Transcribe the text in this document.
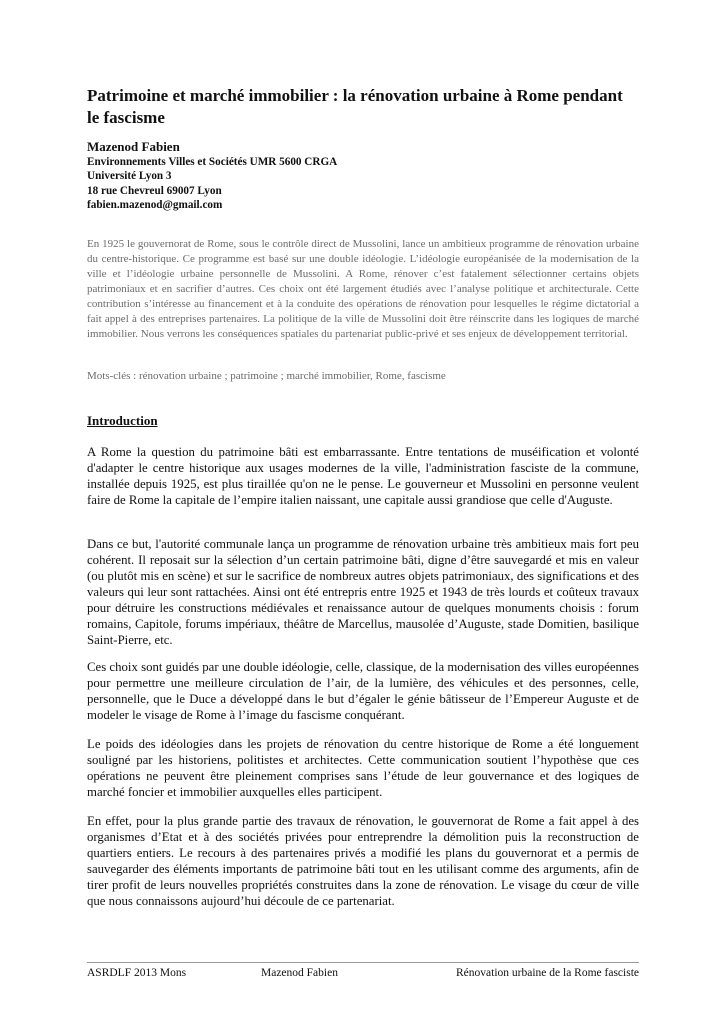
Patrimoine et marché immobilier : la rénovation urbaine à Rome pendant le fascisme

Mazenod Fabien

Environnements Villes et Sociétés UMR 5600 CRGA
Université Lyon 3
18 rue Chevreul 69007 Lyon
fabien.mazenod@gmail.com

En 1925 le gouvernorat de Rome, sous le contrôle direct de Mussolini, lance un ambitieux programme de rénovation urbaine du centre-historique. Ce programme est basé sur une double idéologie. L’idéologie européanisée de la modernisation de la ville et l’idéologie urbaine personnelle de Mussolini. A Rome, rénover c’est fatalement sélectionner certains objets patrimoniaux et en sacrifier d’autres. Ces choix ont été largement étudiés avec l’analyse politique et architecturale. Cette contribution s’intéresse au financement et à la conduite des opérations de rénovation pour lesquelles le régime dictatorial a fait appel à des entreprises partenaires. La politique de la ville de Mussolini doit être réinscrite dans les logiques de marché immobilier. Nous verrons les conséquences spatiales du partenariat public-privé et ses enjeux de développement territorial.

Mots-clés : rénovation urbaine ; patrimoine ; marché immobilier, Rome, fascisme

Introduction

A Rome la question du patrimoine bâti est embarrassante. Entre tentations de muséification et volonté d'adapter le centre historique aux usages modernes de la ville, l'administration fasciste de la commune, installée depuis 1925, est plus tiraillée qu'on ne le pense. Le gouverneur et Mussolini en personne veulent faire de Rome la capitale de l’empire italien naissant, une capitale aussi grandiose que celle d'Auguste.

Dans ce but, l'autorité communale lança un programme de rénovation urbaine très ambitieux mais fort peu cohérent. Il reposait sur la sélection d’un certain patrimoine bâti, digne d’être sauvegardé et mis en valeur (ou plutôt mis en scène) et sur le sacrifice de nombreux autres objets patrimoniaux, des significations et des valeurs qui leur sont rattachées. Ainsi ont été entrepris entre 1925 et 1943 de très lourds et coûteux travaux pour détruire les constructions médiévales et renaissance autour de quelques monuments choisis : forum romains, Capitole, forums impériaux, théâtre de Marcellus, mausolée d’Auguste, stade Domitien, basilique Saint-Pierre, etc.

Ces choix sont guidés par une double idéologie, celle, classique, de la modernisation des villes européennes pour permettre une meilleure circulation de l’air, de la lumière, des véhicules et des personnes, celle, personnelle, que le Duce a développé dans le but d’égaler le génie bâtisseur de l’Empereur Auguste et de modeler le visage de Rome à l’image du fascisme conquérant.

Le poids des idéologies dans les projets de rénovation du centre historique de Rome a été longuement souligné par les historiens, politistes et architectes. Cette communication soutient l’hypothèse que ces opérations ne peuvent être pleinement comprises sans l’étude de leur gouvernance et des logiques de marché foncier et immobilier auxquelles elles participent.

En effet, pour la plus grande partie des travaux de rénovation, le gouvernorat de Rome a fait appel à des organismes d’Etat et à des sociétés privées pour entreprendre la démolition puis la reconstruction de quartiers entiers. Le recours à des partenaires privés a modifié les plans du gouvernorat et a permis de sauvegarder des éléments importants de patrimoine bâti tout en les utilisant comme des arguments, afin de tirer profit de leurs nouvelles propriétés construites dans la zone de rénovation. Le visage du cœur de ville que nous connaissons aujourd’hui découle de ce partenariat.

ASRDLF 2013 Mons	Mazenod Fabien	Rénovation urbaine de la Rome fasciste
